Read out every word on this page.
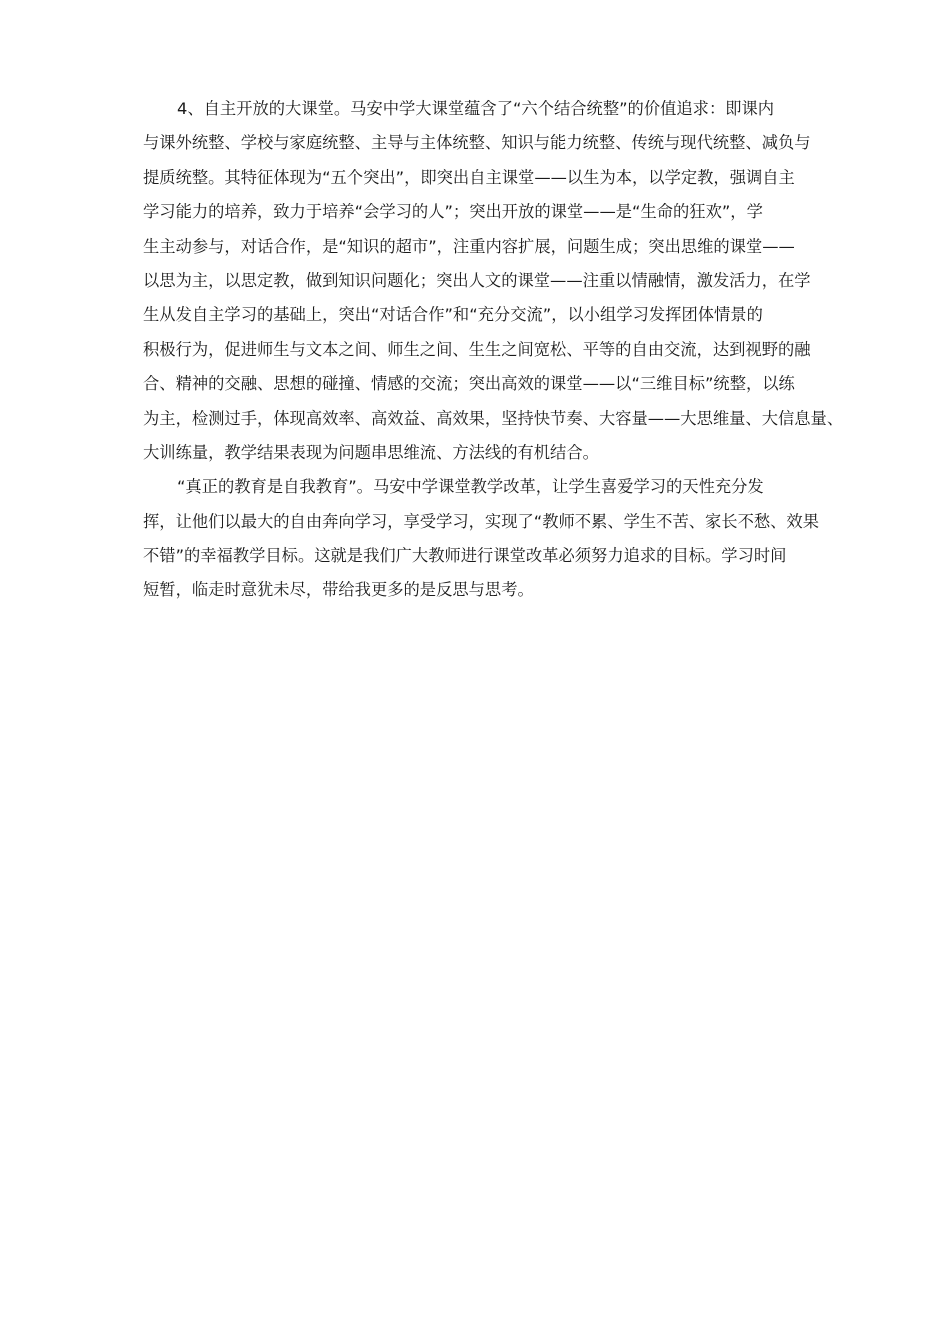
4、自主开放的大课堂。马安中学大课堂蕴含了“六个结合统整”的价值追求：即课内
与课外统整、学校与家庭统整、主导与主体统整、知识与能力统整、传统与现代统整、减负与
提质统整。其特征体现为“五个突出”，即突出自主课堂——以生为本，以学定教，强调自主
学习能力的培养，致力于培养“会学习的人”；突出开放的课堂——是“生命的狂欢”，学
生主动参与，对话合作，是“知识的超市”，注重内容扩展，问题生成；突出思维的课堂——
以思为主，以思定教，做到知识问题化；突出人文的课堂——注重以情融情，激发活力，在学
生从发自主学习的基础上，突出“对话合作”和“充分交流”，以小组学习发挥团体情景的
积极行为，促进师生与文本之间、师生之间、生生之间宽松、平等的自由交流，达到视野的融
合、精神的交融、思想的碰撞、情感的交流；突出高效的课堂——以“三维目标”统整，以练
为主，检测过手，体现高效率、高效益、高效果，坚持快节奏、大容量——大思维量、大信息量、
大训练量，教学结果表现为问题串思维流、方法线的有机结合。
“真正的教育是自我教育”。马安中学课堂教学改革，让学生喜爱学习的天性充分发
挥，让他们以最大的自由奔向学习，享受学习，实现了“教师不累、学生不苦、家长不愁、效果
不错”的幸福教学目标。这就是我们广大教师进行课堂改革必须努力追求的目标。学习时间
短暂，临走时意犹未尽，带给我更多的是反思与思考。
